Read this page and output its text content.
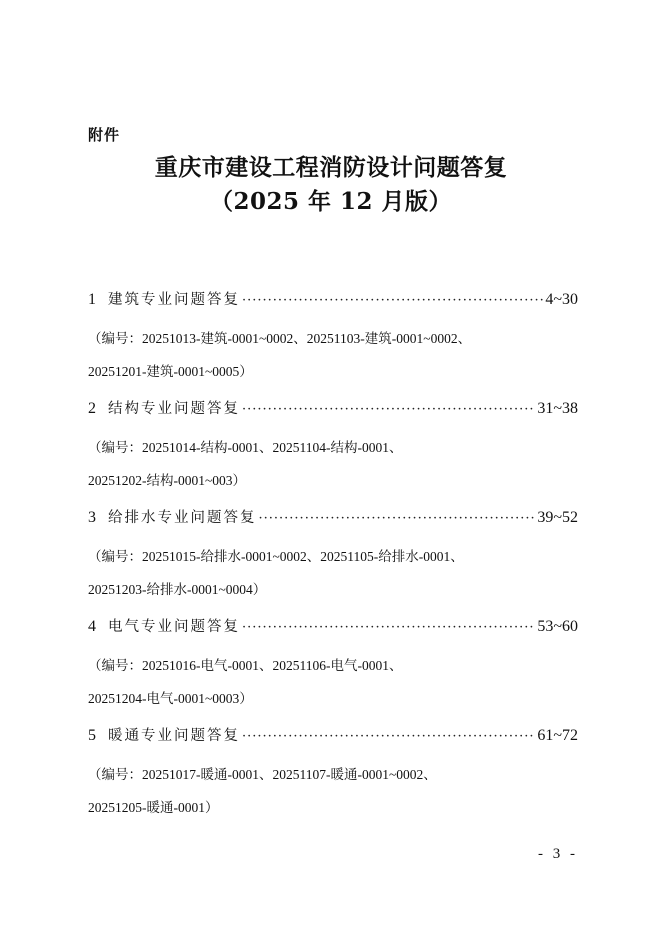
附件
重庆市建设工程消防设计问题答复
（2025 年 12 月版）
1 建筑专业问题答复 ·····	4~30
（编号：20251013-建筑-0001~0002、20251103-建筑-0001~0002、
20251201-建筑-0001~0005）
2 结构专业问题答复 ·····	31~38
（编号：20251014-结构-0001、20251104-结构-0001、
20251202-结构-0001~003）
3 给排水专业问题答复 ·····	39~52
（编号：20251015-给排水-0001~0002、20251105-给排水-0001、
20251203-给排水-0001~0004）
4 电气专业问题答复 ·····	53~60
（编号：20251016-电气-0001、20251106-电气-0001、
20251204-电气-0001~0003）
5 暖通专业问题答复 ·····	61~72
（编号：20251017-暖通-0001、20251107-暖通-0001~0002、
20251205-暖通-0001）
- 3 -
